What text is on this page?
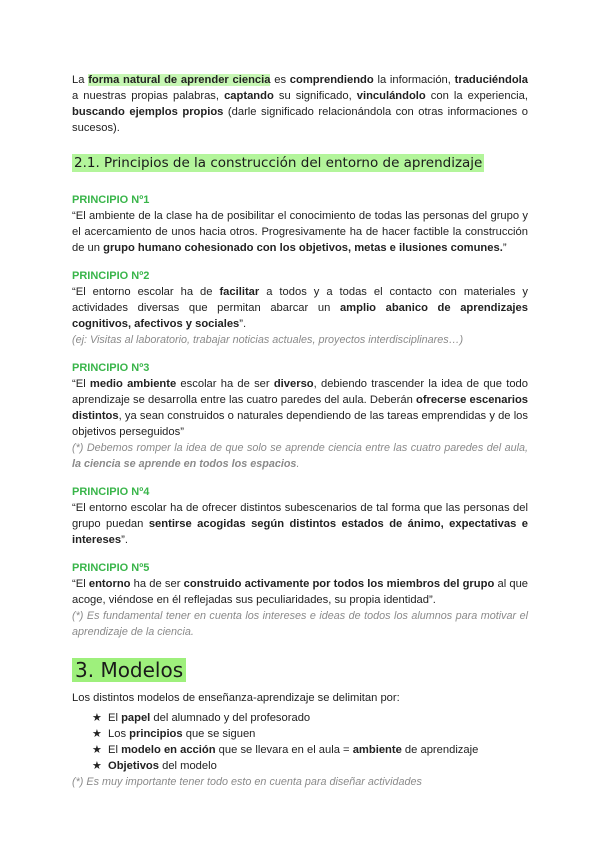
La forma natural de aprender ciencia es comprendiendo la información, traduciéndola a nuestras propias palabras, captando su significado, vinculándolo con la experiencia, buscando ejemplos propios (darle significado relacionándola con otras informaciones o sucesos).

2.1. Principios de la construcción del entorno de aprendizaje
PRINCIPIO Nº1

“El ambiente de la clase ha de posibilitar el conocimiento de todas las personas del grupo y el acercamiento de unos hacia otros. Progresivamente ha de hacer factible la construcción de un grupo humano cohesionado con los objetivos, metas e ilusiones comunes.”

PRINCIPIO Nº2

“El entorno escolar ha de facilitar a todos y a todas el contacto con materiales y actividades diversas que permitan abarcar un amplio abanico de aprendizajes cognitivos, afectivos y sociales”.

(ej: Visitas al laboratorio, trabajar noticias actuales, proyectos interdisciplinares…)

PRINCIPIO Nº3

“El medio ambiente escolar ha de ser diverso, debiendo trascender la idea de que todo aprendizaje se desarrolla entre las cuatro paredes del aula. Deberán ofrecerse escenarios distintos, ya sean construidos o naturales dependiendo de las tareas emprendidas y de los objetivos perseguidos”

(*) Debemos romper la idea de que solo se aprende ciencia entre las cuatro paredes del aula, la ciencia se aprende en todos los espacios.

PRINCIPIO Nº4

“El entorno escolar ha de ofrecer distintos subescenarios de tal forma que las personas del grupo puedan sentirse acogidas según distintos estados de ánimo, expectativas e intereses”.

PRINCIPIO Nº5

“El entorno ha de ser construido activamente por todos los miembros del grupo al que acoge, viéndose en él reflejadas sus peculiaridades, su propia identidad”.

(*) Es fundamental tener en cuenta los intereses e ideas de todos los alumnos para motivar el aprendizaje de la ciencia.

3. Modelos

Los distintos modelos de enseñanza-aprendizaje se delimitan por:

★ El papel del alumnado y del profesorado
★ Los principios que se siguen
★ El modelo en acción que se llevara en el aula = ambiente de aprendizaje
★ Objetivos del modelo

(*) Es muy importante tener todo esto en cuenta para diseñar actividades
